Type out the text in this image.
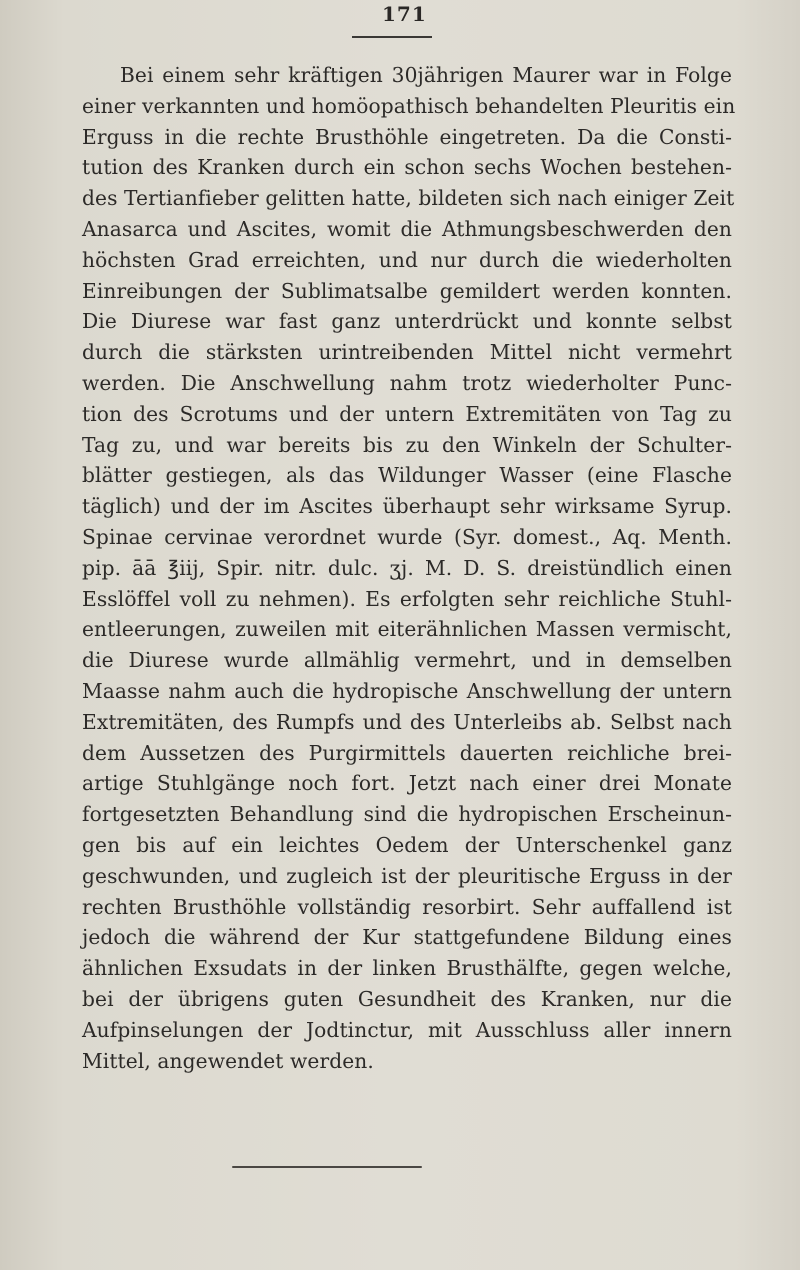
171
Bei einem sehr kräftigen 30jährigen Maurer war in Folge
einer verkannten und homöopathisch behandelten Pleuritis ein
Erguss in die rechte Brusthöhle eingetreten. Da die Consti-
tution des Kranken durch ein schon sechs Wochen bestehen-
des Tertianfieber gelitten hatte, bildeten sich nach einiger Zeit
Anasarca und Ascites, womit die Athmungsbeschwerden den
höchsten Grad erreichten, und nur durch die wiederholten
Einreibungen der Sublimatsalbe gemildert werden konnten.
Die Diurese war fast ganz unterdrückt und konnte selbst
durch die stärksten urintreibenden Mittel nicht vermehrt
werden. Die Anschwellung nahm trotz wiederholter Punc-
tion des Scrotums und der untern Extremitäten von Tag zu
Tag zu, und war bereits bis zu den Winkeln der Schulter-
blätter gestiegen, als das Wildunger Wasser (eine Flasche
täglich) und der im Ascites überhaupt sehr wirksame Syrup.
Spinae cervinae verordnet wurde (Syr. domest., Aq. Menth.
pip. āā ℥iij, Spir. nitr. dulc. ʒj. M. D. S. dreistündlich einen
Esslöffel voll zu nehmen). Es erfolgten sehr reichliche Stuhl-
entleerungen, zuweilen mit eiterähnlichen Massen vermischt,
die Diurese wurde allmählig vermehrt, und in demselben
Maasse nahm auch die hydropische Anschwellung der untern
Extremitäten, des Rumpfs und des Unterleibs ab. Selbst nach
dem Aussetzen des Purgirmittels dauerten reichliche brei-
artige Stuhlgänge noch fort. Jetzt nach einer drei Monate
fortgesetzten Behandlung sind die hydropischen Erscheinun-
gen bis auf ein leichtes Oedem der Unterschenkel ganz
geschwunden, und zugleich ist der pleuritische Erguss in der
rechten Brusthöhle vollständig resorbirt. Sehr auffallend ist
jedoch die während der Kur stattgefundene Bildung eines
ähnlichen Exsudats in der linken Brusthälfte, gegen welche,
bei der übrigens guten Gesundheit des Kranken, nur die
Aufpinselungen der Jodtinctur, mit Ausschluss aller innern
Mittel, angewendet werden.
